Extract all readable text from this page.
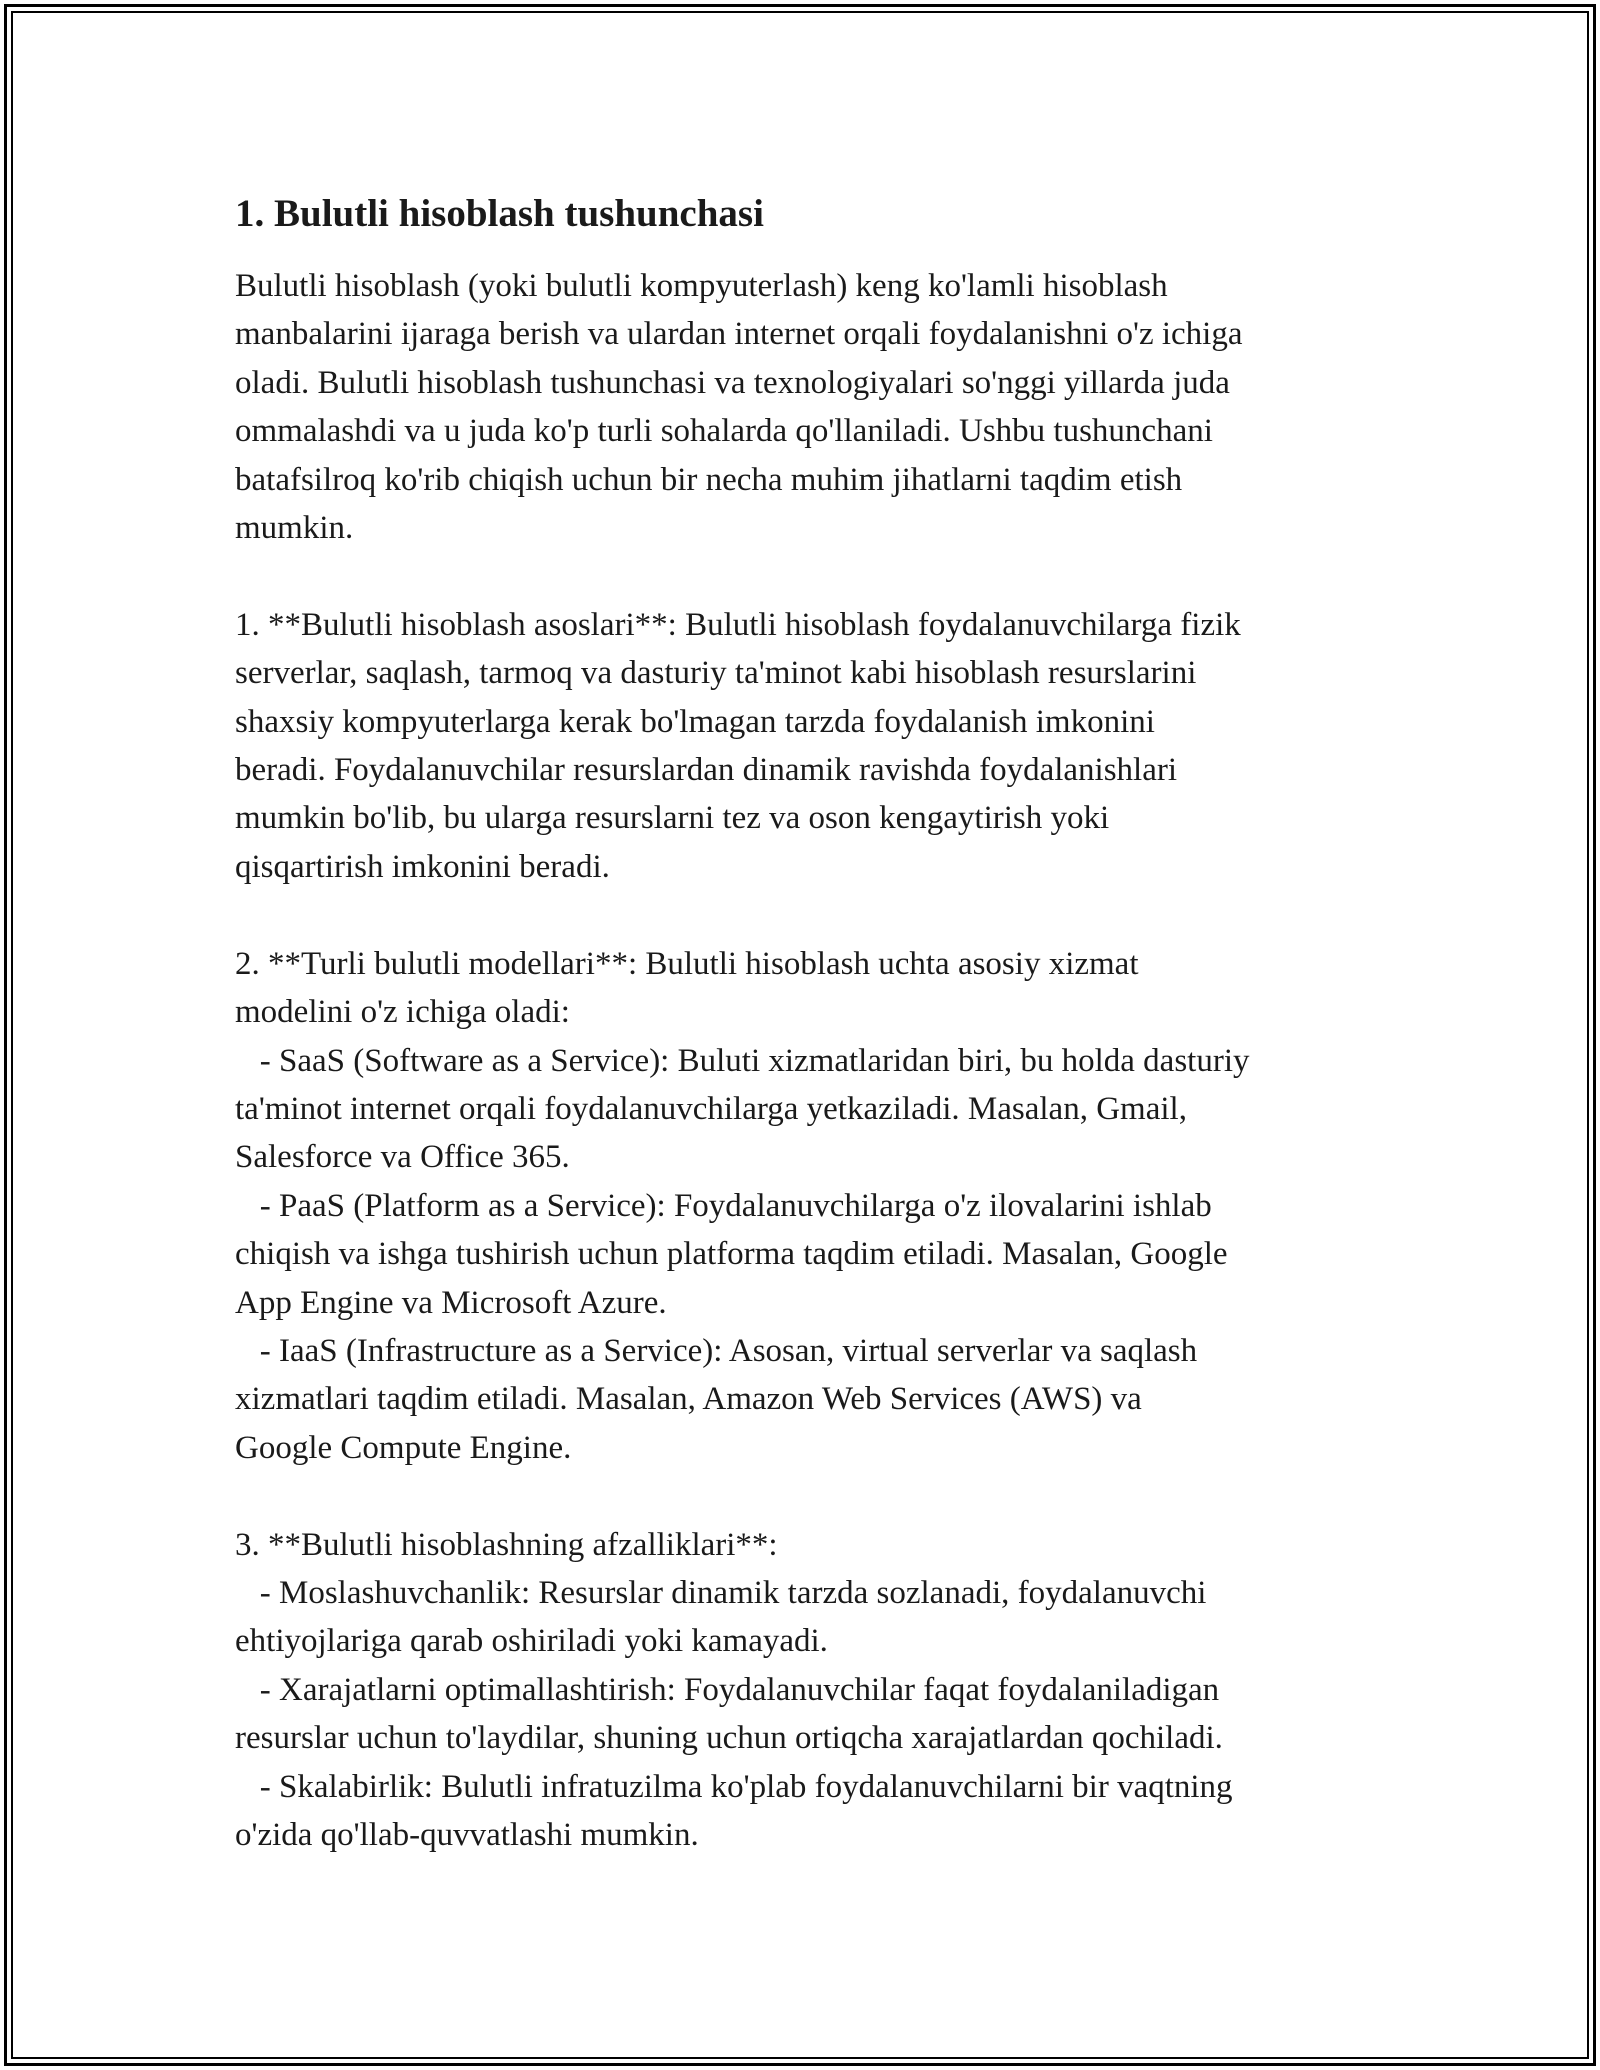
1. Bulutli hisoblash tushunchasi

Bulutli hisoblash (yoki bulutli kompyuterlash) keng ko'lamli hisoblash
manbalarini ijaraga berish va ulardan internet orqali foydalanishni o'z ichiga
oladi. Bulutli hisoblash tushunchasi va texnologiyalari so'nggi yillarda juda
ommalashdi va u juda ko'p turli sohalarda qo'llaniladi. Ushbu tushunchani
batafsilroq ko'rib chiqish uchun bir necha muhim jihatlarni taqdim etish
mumkin.

1. **Bulutli hisoblash asoslari**: Bulutli hisoblash foydalanuvchilarga fizik
serverlar, saqlash, tarmoq va dasturiy ta'minot kabi hisoblash resurslarini
shaxsiy kompyuterlarga kerak bo'lmagan tarzda foydalanish imkonini
beradi. Foydalanuvchilar resurslardan dinamik ravishda foydalanishlari
mumkin bo'lib, bu ularga resurslarni tez va oson kengaytirish yoki
qisqartirish imkonini beradi.

2. **Turli bulutli modellari**: Bulutli hisoblash uchta asosiy xizmat
modelini o'z ichiga oladi:
- SaaS (Software as a Service): Buluti xizmatlaridan biri, bu holda dasturiy
ta'minot internet orqali foydalanuvchilarga yetkaziladi. Masalan, Gmail,
Salesforce va Office 365.
- PaaS (Platform as a Service): Foydalanuvchilarga o'z ilovalarini ishlab
chiqish va ishga tushirish uchun platforma taqdim etiladi. Masalan, Google
App Engine va Microsoft Azure.
- IaaS (Infrastructure as a Service): Asosan, virtual serverlar va saqlash
xizmatlari taqdim etiladi. Masalan, Amazon Web Services (AWS) va
Google Compute Engine.

3. **Bulutli hisoblashning afzalliklari**:
- Moslashuvchanlik: Resurslar dinamik tarzda sozlanadi, foydalanuvchi
ehtiyojlariga qarab oshiriladi yoki kamayadi.
- Xarajatlarni optimallashtirish: Foydalanuvchilar faqat foydalaniladigan
resurslar uchun to'laydilar, shuning uchun ortiqcha xarajatlardan qochiladi.
- Skalabirlik: Bulutli infratuzilma ko'plab foydalanuvchilarni bir vaqtning
o'zida qo'llab-quvvatlashi mumkin.
